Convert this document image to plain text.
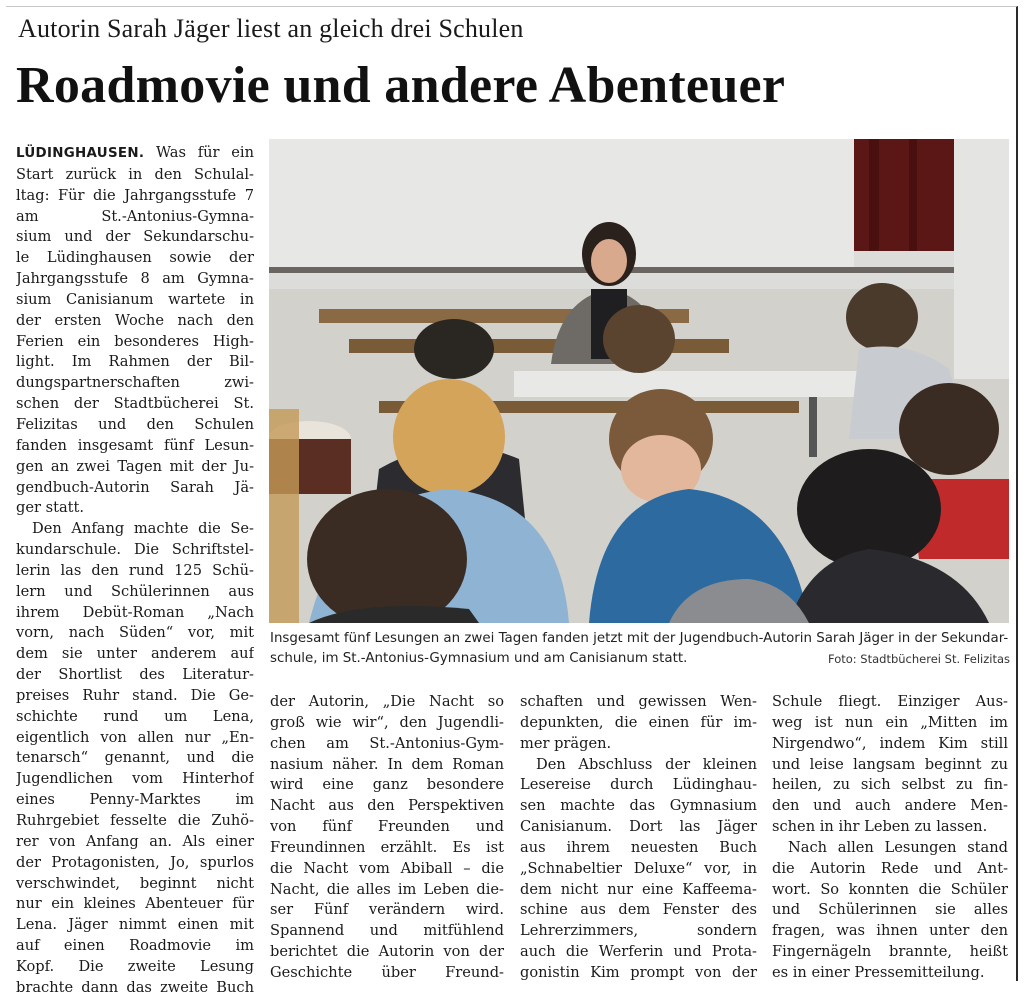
Autorin Sarah Jäger liest an gleich drei Schulen
Roadmovie und andere Abenteuer
Insgesamt fünf Lesungen an zwei Tagen fanden jetzt mit der Jugendbuch-Autorin Sarah Jäger in der Sekundar-
schule, im St.-Antonius-Gymnasium und am Canisianum statt.	Foto: Stadtbücherei St. Felizitas
LÜDINGHAUSEN. Was für ein
Start zurück in den Schulal-
ltag: Für die Jahrgangsstufe 7
am St.-Antonius-Gymna-
sium und der Sekundarschu-
le Lüdinghausen sowie der
Jahrgangsstufe 8 am Gymna-
sium Canisianum wartete in
der ersten Woche nach den
Ferien ein besonderes High-
light. Im Rahmen der Bil-
dungspartnerschaften zwi-
schen der Stadtbücherei St.
Felizitas und den Schulen
fanden insgesamt fünf Lesun-
gen an zwei Tagen mit der Ju-
gendbuch-Autorin Sarah Jä-
ger statt.
Den Anfang machte die Se-
kundarschule. Die Schriftstel-
lerin las den rund 125 Schü-
lern und Schülerinnen aus
ihrem Debüt-Roman „Nach
vorn, nach Süden“ vor, mit
dem sie unter anderem auf
der Shortlist des Literatur-
preises Ruhr stand. Die Ge-
schichte rund um Lena,
eigentlich von allen nur „En-
tenarsch“ genannt, und die
Jugendlichen vom Hinterhof
eines Penny-Marktes im
Ruhrgebiet fesselte die Zuhö-
rer von Anfang an. Als einer
der Protagonisten, Jo, spurlos
verschwindet, beginnt nicht
nur ein kleines Abenteuer für
Lena. Jäger nimmt einen mit
auf einen Roadmovie im
Kopf. Die zweite Lesung
brachte dann das zweite Buch
der Autorin, „Die Nacht so
groß wie wir“, den Jugendli-
chen am St.-Antonius-Gym-
nasium näher. In dem Roman
wird eine ganz besondere
Nacht aus den Perspektiven
von fünf Freunden und
Freundinnen erzählt. Es ist
die Nacht vom Abiball – die
Nacht, die alles im Leben die-
ser Fünf verändern wird.
Spannend und mitfühlend
berichtet die Autorin von der
Geschichte über Freund-
schaften und gewissen Wen-
depunkten, die einen für im-
mer prägen.
Den Abschluss der kleinen
Lesereise durch Lüdinghau-
sen machte das Gymnasium
Canisianum. Dort las Jäger
aus ihrem neuesten Buch
„Schnabeltier Deluxe“ vor, in
dem nicht nur eine Kaffeema-
schine aus dem Fenster des
Lehrerzimmers, sondern
auch die Werferin und Prota-
gonistin Kim prompt von der
Schule fliegt. Einziger Aus-
weg ist nun ein „Mitten im
Nirgendwo“, indem Kim still
und leise langsam beginnt zu
heilen, zu sich selbst zu fin-
den und auch andere Men-
schen in ihr Leben zu lassen.
Nach allen Lesungen stand
die Autorin Rede und Ant-
wort. So konnten die Schüler
und Schülerinnen sie alles
fragen, was ihnen unter den
Fingernägeln brannte, heißt
es in einer Pressemitteilung.
